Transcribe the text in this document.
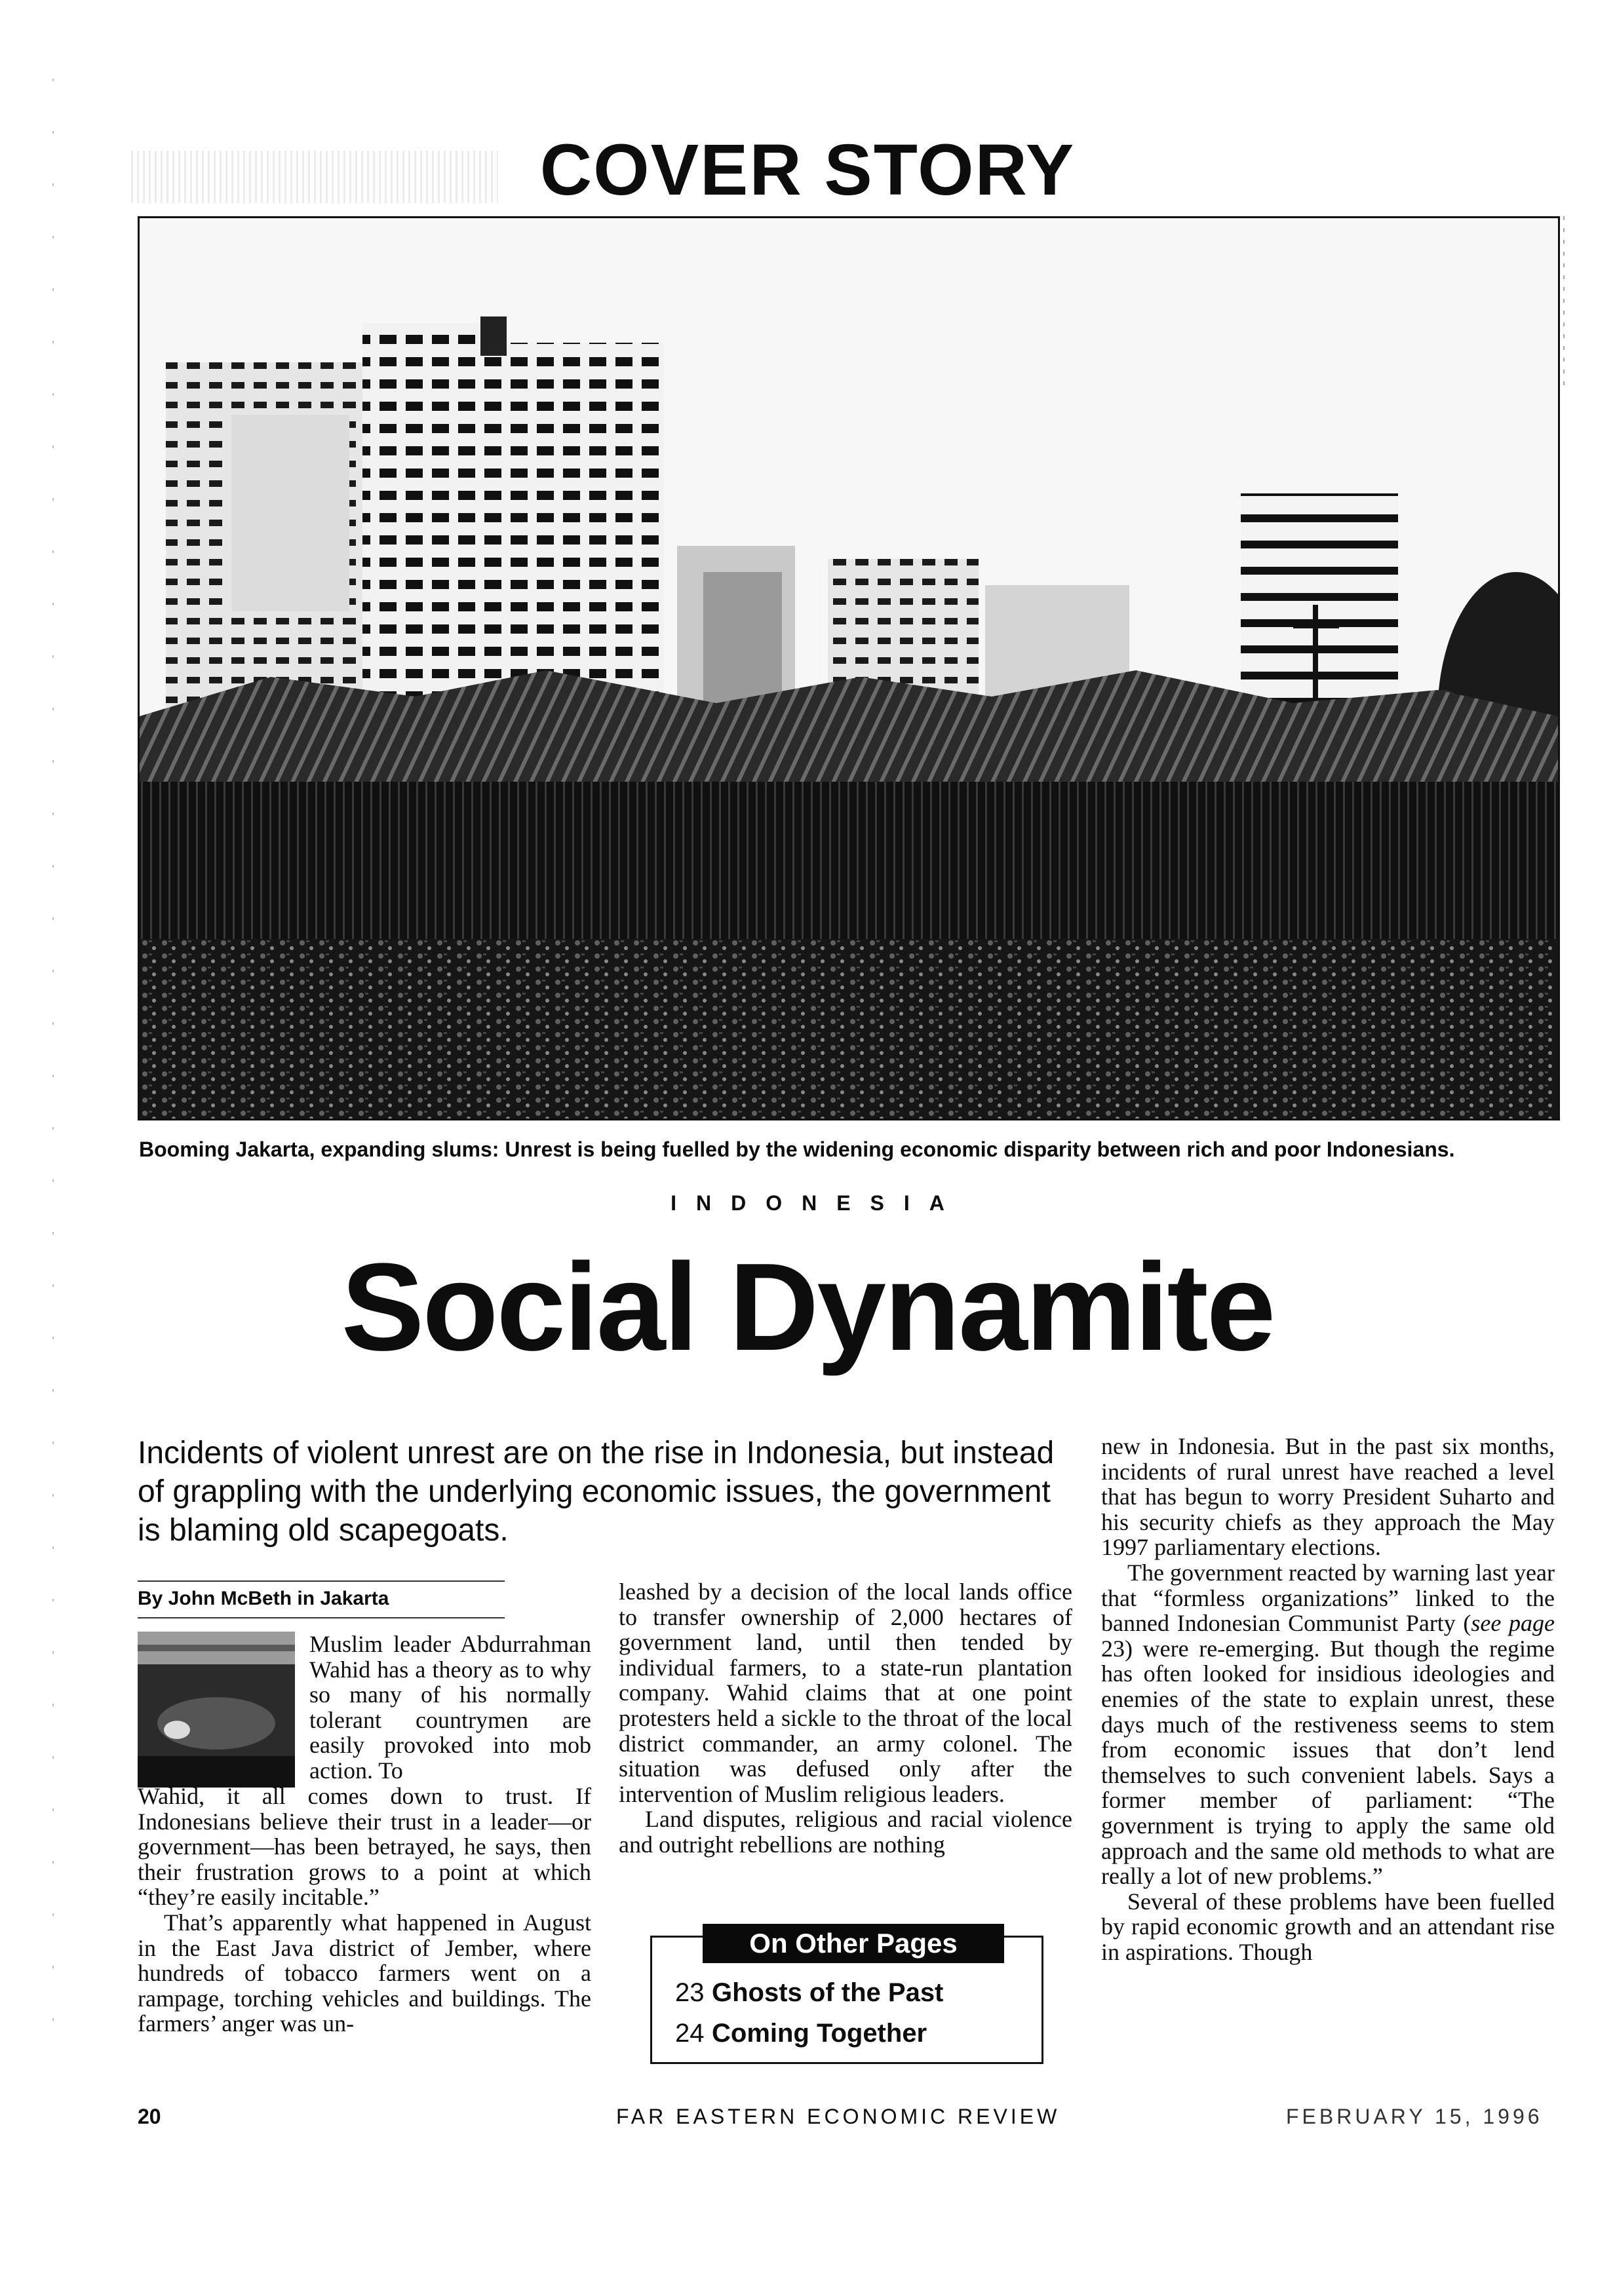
COVER STORY
Booming Jakarta, expanding slums: Unrest is being fuelled by the widening economic disparity between rich and poor Indonesians.
INDONESIA
Social Dynamite
Incidents of violent unrest are on the rise in Indonesia, but instead of grappling with the underlying economic issues, the government is blaming old scapegoats.
By John McBeth in Jakarta

Muslim leader Abdurrahman Wahid has a theory as to why so many of his normally tolerant countrymen are easily provoked into mob action. To

Wahid, it all comes down to trust. If Indonesians believe their trust in a leader—or government—has been betrayed, he says, then their frustration grows to a point at which “they’re easily incitable.”

That’s apparently what happened in August in the East Java district of Jember, where hundreds of tobacco farmers went on a rampage, torching vehicles and buildings. The farmers’ anger was un-

leashed by a decision of the local lands office to transfer ownership of 2,000 hectares of government land, until then tended by individual farmers, to a state-run plantation company. Wahid claims that at one point protesters held a sickle to the throat of the local district commander, an army colonel. The situation was defused only after the intervention of Muslim religious leaders.

Land disputes, religious and racial violence and outright rebellions are nothing

On Other Pages
23 Ghosts of the Past
24 Coming Together

new in Indonesia. But in the past six months, incidents of rural unrest have reached a level that has begun to worry President Suharto and his security chiefs as they approach the May 1997 parliamentary elections.

The government reacted by warning last year that “formless organizations” linked to the banned Indonesian Communist Party (see page 23) were re-emerging. But though the regime has often looked for insidious ideologies and enemies of the state to explain unrest, these days much of the restiveness seems to stem from economic issues that don’t lend themselves to such convenient labels. Says a former member of parliament: “The government is trying to apply the same old approach and the same old methods to what are really a lot of new problems.”

Several of these problems have been fuelled by rapid economic growth and an attendant rise in aspirations. Though

20	FAR EASTERN ECONOMIC REVIEW	FEBRUARY 15, 1996
